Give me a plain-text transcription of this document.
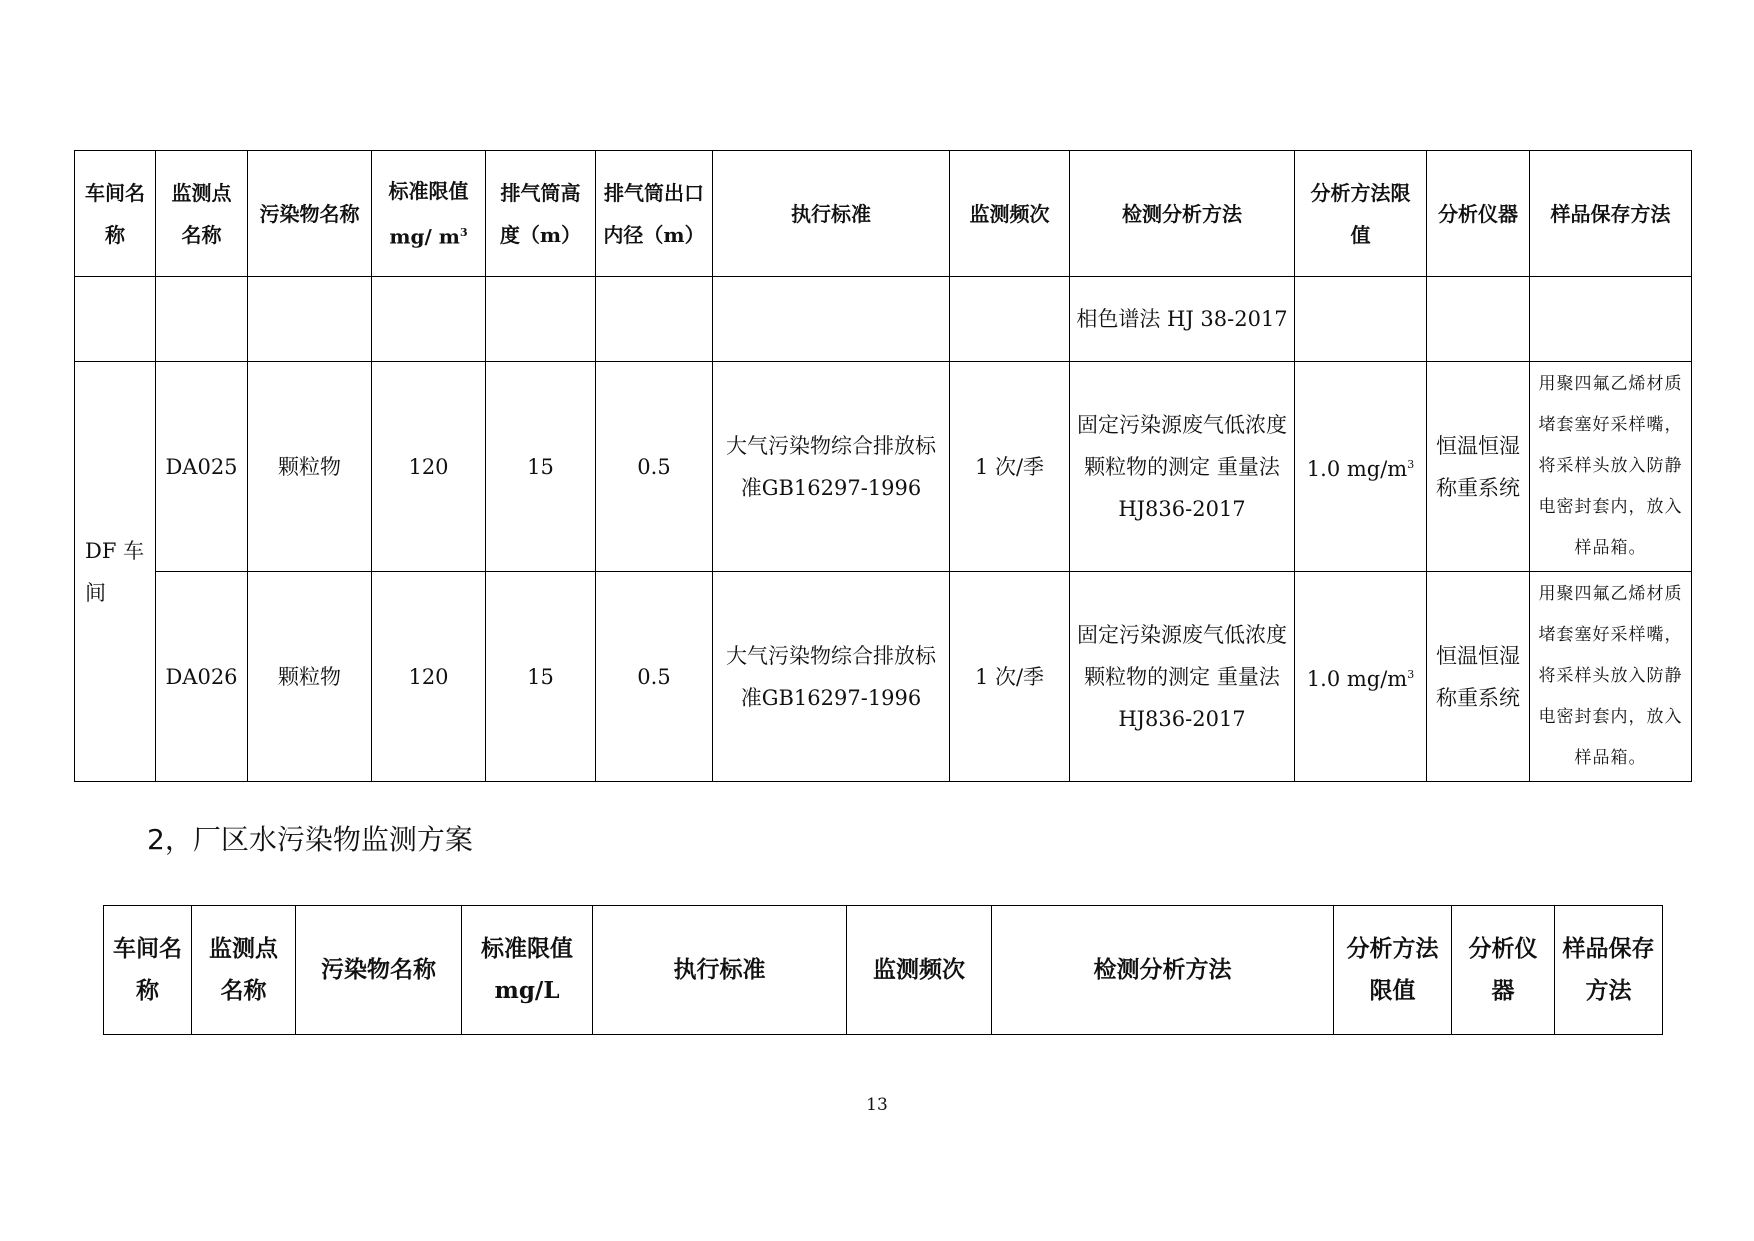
车间名称	监测点名称	污染物名称	标准限值mg/ $m^3$	排气筒高度（m）	排气筒出口内径（m）	执行标准	监测频次	检测分析方法	分析方法限值	分析仪器	样品保存方法
								相色谱法 HJ 38-2017			
DF 车间	DA025	颗粒物	120	15	0.5	大气污染物综合排放标准GB16297-1996	1 次/季	固定污染源废气低浓度颗粒物的测定 重量法HJ836-2017	1.0 $mg/m^3$	恒温恒湿称重系统	用聚四氟乙烯材质堵套塞好采样嘴，将采样头放入防静电密封套内，放入样品箱。
	DA026	颗粒物	120	15	0.5	大气污染物综合排放标准GB16297-1996	1 次/季	固定污染源废气低浓度颗粒物的测定 重量法HJ836-2017	1.0 $mg/m^3$	恒温恒湿称重系统	用聚四氟乙烯材质堵套塞好采样嘴，将采样头放入防静电密封套内，放入样品箱。
2，厂区水污染物监测方案
车间名称	监测点名称	污染物名称	标准限值mg/L	执行标准	监测频次	检测分析方法	分析方法限值	分析仪器	样品保存方法
13
